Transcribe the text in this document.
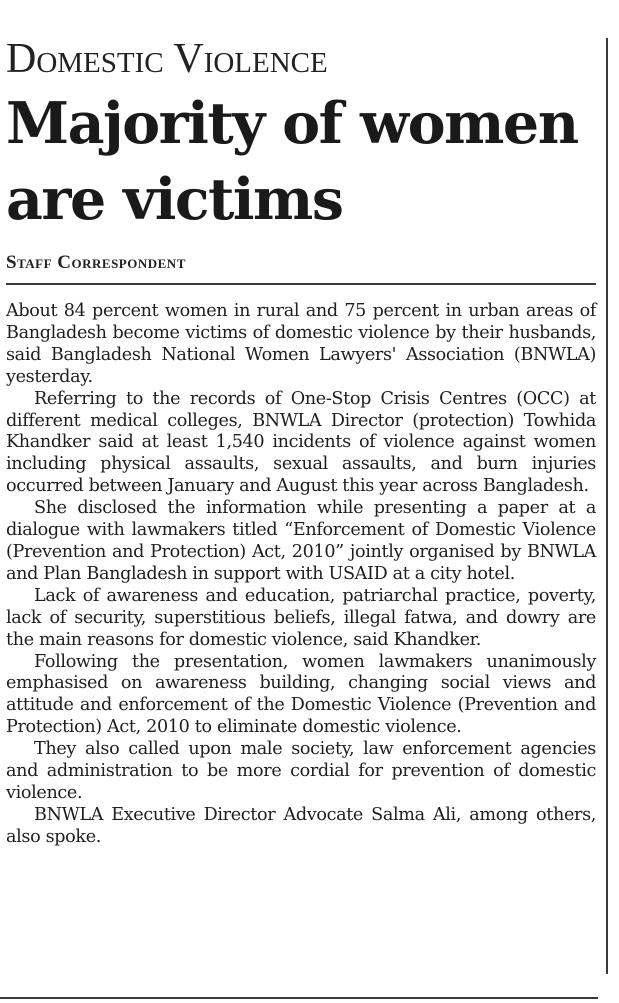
Domestic Violence
Majority of women are victims
Staff Correspondent

About 84 percent women in rural and 75 percent in urban areas of Bangladesh become victims of domestic violence by their husbands, said Bangladesh National Women Lawyers' Association (BNWLA) yesterday.

Referring to the records of One-Stop Crisis Centres (OCC) at different medical colleges, BNWLA Director (protection) Towhida Khandker said at least 1,540 incidents of violence against women including physical assaults, sexual assaults, and burn injuries occurred between January and August this year across Bangladesh.

She disclosed the information while presenting a paper at a dialogue with lawmakers titled “Enforcement of Domestic Violence (Prevention and Protection) Act, 2010” jointly organised by BNWLA and Plan Bangladesh in support with USAID at a city hotel.

Lack of awareness and education, patriarchal practice, poverty, lack of security, superstitious beliefs, illegal fatwa, and dowry are the main reasons for domestic violence, said Khandker.

Following the presentation, women lawmakers unanimously emphasised on awareness building, changing social views and attitude and enforcement of the Domestic Violence (Prevention and Protection) Act, 2010 to eliminate domestic violence.

They also called upon male society, law enforcement agencies and administration to be more cordial for prevention of domestic violence.

BNWLA Executive Director Advocate Salma Ali, among others, also spoke.
